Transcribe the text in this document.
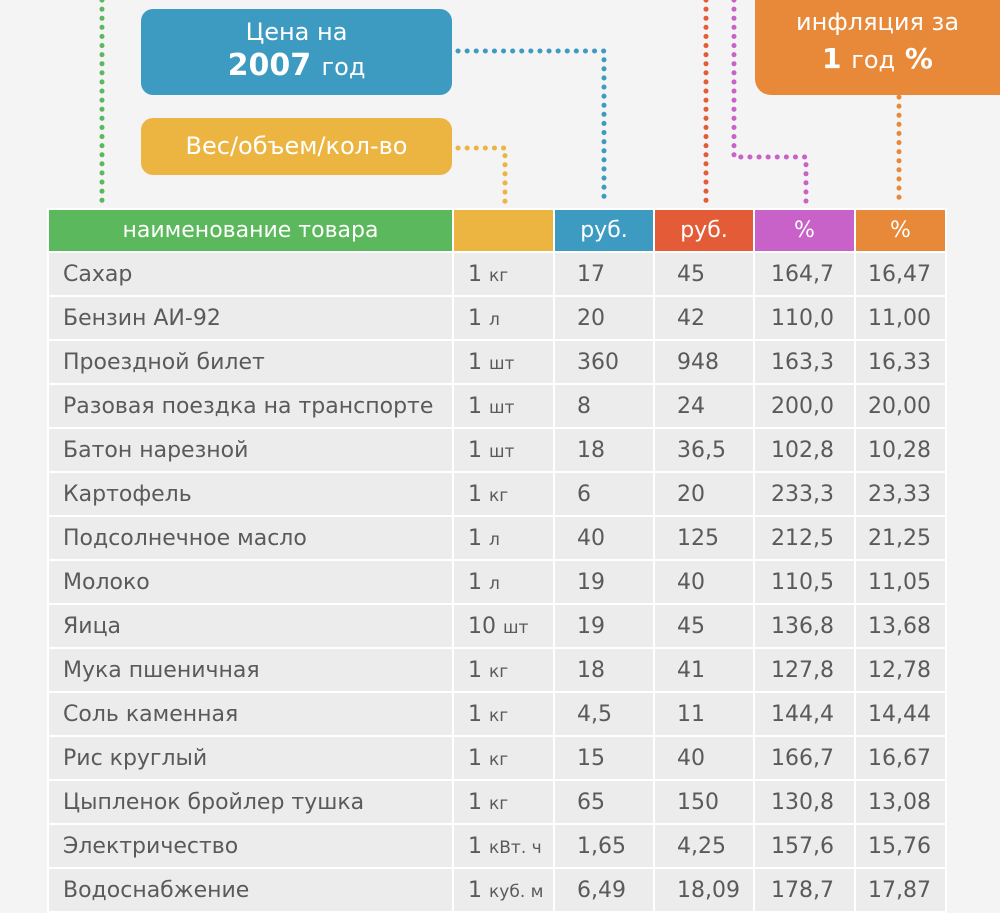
Цена на
2007 год
Вес/объем/кол-во
инфляция за
1 год %
наименование товара		руб.	руб.	%	%
Сахар	1 кг	17	45	164,7	16,47
Бензин АИ-92	1 л	20	42	110,0	11,00
Проездной билет	1 шт	360	948	163,3	16,33
Разовая поездка на транспорте	1 шт	8	24	200,0	20,00
Батон нарезной	1 шт	18	36,5	102,8	10,28
Картофель	1 кг	6	20	233,3	23,33
Подсолнечное масло	1 л	40	125	212,5	21,25
Молоко	1 л	19	40	110,5	11,05
Яица	10 шт	19	45	136,8	13,68
Мука пшеничная	1 кг	18	41	127,8	12,78
Соль каменная	1 кг	4,5	11	144,4	14,44
Рис круглый	1 кг	15	40	166,7	16,67
Цыпленок бройлер тушка	1 кг	65	150	130,8	13,08
Электричество	1 кВт. ч	1,65	4,25	157,6	15,76
Водоснабжение	1 куб. м	6,49	18,09	178,7	17,87
